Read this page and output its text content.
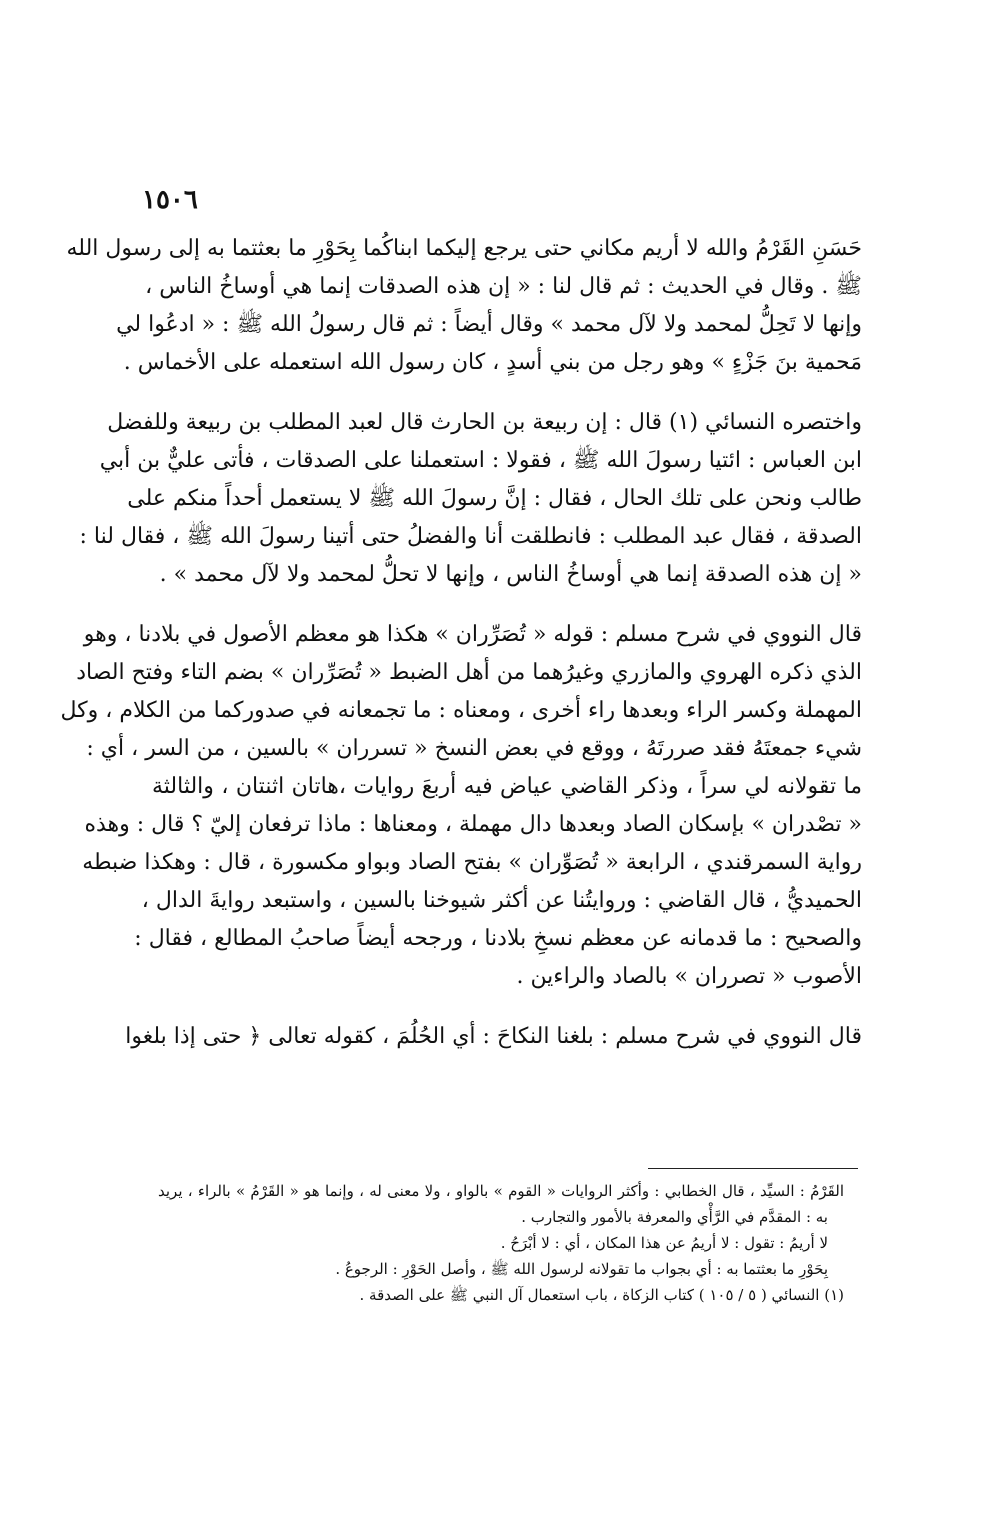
١٥٠٦
حَسَنِ القَرْمُ والله لا أريم مكاني حتى يرجع إليكما ابناكُما بِحَوْرِ ما بعثتما به إلى رسول الله
ﷺ . وقال في الحديث : ثم قال لنا : « إن هذه الصدقات إنما هي أوساخُ الناس ،
وإنها لا تَحِلُّ لمحمد ولا لآل محمد » وقال أيضاً : ثم قال رسولُ الله ﷺ : « ادعُوا لي
مَحمية بنَ جَزْءٍ » وهو رجل من بني أسدٍ ، كان رسول الله استعمله على الأخماس .
واختصره النسائي (١) قال : إن ربيعة بن الحارث قال لعبد المطلب بن ربيعة وللفضل
ابن العباس : ائتيا رسولَ الله ﷺ ، فقولا : استعملنا على الصدقات ، فأتى عليٌّ بن أبي
طالب ونحن على تلك الحال ، فقال : إنَّ رسولَ الله ﷺ لا يستعمل أحداً منكم على
الصدقة ، فقال عبد المطلب : فانطلقت أنا والفضلُ حتى أتينا رسولَ الله ﷺ ، فقال لنا :
« إن هذه الصدقة إنما هي أوساخُ الناس ، وإنها لا تحلُّ لمحمد ولا لآل محمد » .
قال النووي في شرح مسلم : قوله « تُصَرِّران » هكذا هو معظم الأصول في بلادنا ، وهو
الذي ذكره الهروي والمازري وغيرُهما من أهل الضبط « تُصَرِّران » بضم التاء وفتح الصاد
المهملة وكسر الراء وبعدها راء أخرى ، ومعناه : ما تجمعانه في صدوركما من الكلام ، وكل
شيء جمعتَهُ فقد صررتَهُ ، ووقع في بعض النسخ « تسرران » بالسين ، من السر ، أي :
ما تقولانه لي سراً ، وذكر القاضي عياض فيه أربعَ روايات ،هاتان اثنتان ، والثالثة
« تصْدران » بإسكان الصاد وبعدها دال مهملة ، ومعناها : ماذا ترفعان إليّ ؟ قال : وهذه
رواية السمرقندي ، الرابعة « تُصَوِّران » بفتح الصاد وبواو مكسورة ، قال : وهكذا ضبطه
الحميديُّ ، قال القاضي : وروايتُنا عن أكثر شيوخنا بالسين ، واستبعد روايةَ الدال ،
والصحيح : ما قدمانه عن معظم نسخِ بلادنا ، ورجحه أيضاً صاحبُ المطالع ، فقال :
الأصوب « تصرران » بالصاد والراءين .
قال النووي في شرح مسلم : بلغنا النكاحَ : أي الحُلُمَ ، كقوله تعالى ﴿ حتى إذا بلغوا
القَرْمُ : السيِّد ، قال الخطابي : وأكثر الروايات « القوم » بالواو ، ولا معنى له ، وإنما هو « القَرْمُ » بالراء ، يريد
به : المقدَّم في الرَّأْي والمعرفة بالأمور والتجارب .
لا أريمُ : تقول : لا أريمُ عن هذا المكان ، أي : لا أبْرَحُ .
بِحَوْرِ ما بعثتما به : أي بجواب ما تقولانه لرسول الله ﷺ ، وأصل الحَوْرِ : الرجوعُ .
(١) النسائي ( ٥ / ١٠٥ ) كتاب الزكاة ، باب استعمال آل النبي ﷺ على الصدقة .
